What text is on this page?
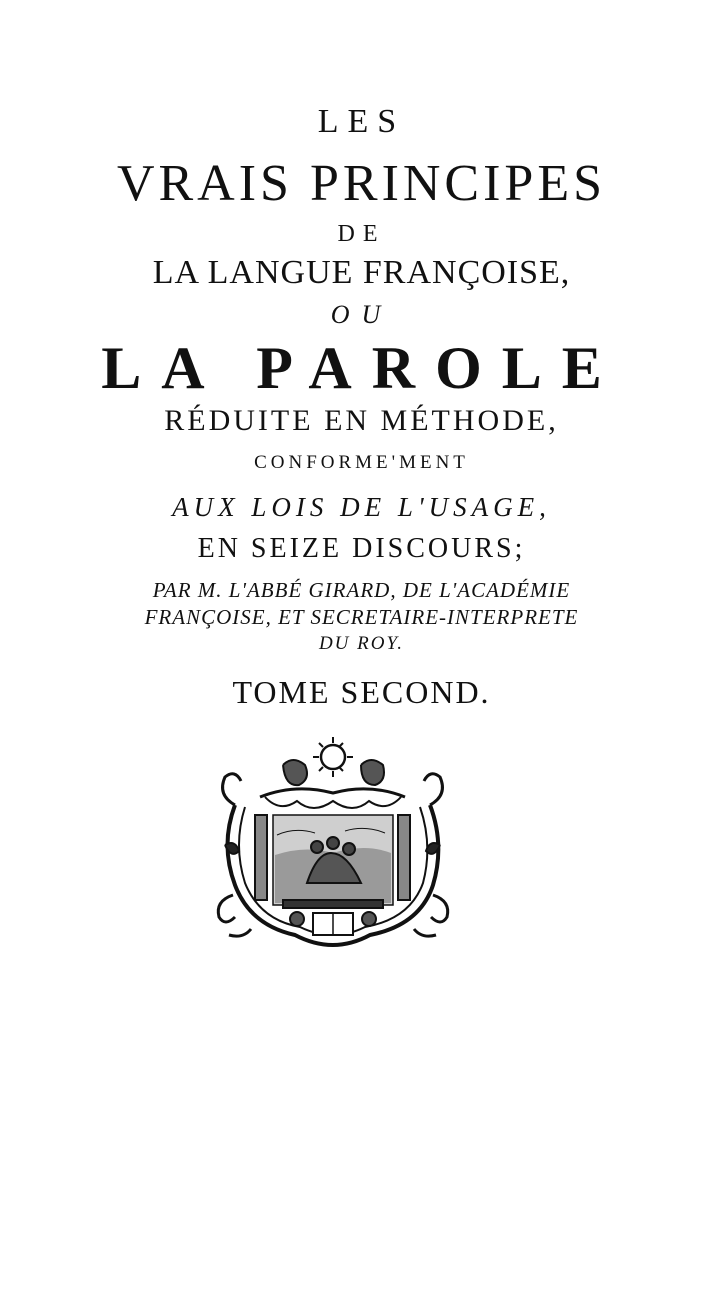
LES
VRAIS PRINCIPES
DE
LA LANGUE FRANÇOISE,
OU
LA PAROLE
RÉDUITE EN MÉTHODE,
CONFORME'MENT
AUX LOIS DE L'USAGE,
EN SEIZE DISCOURS;
PAR M. L'ABBÉ GIRARD, DE L'ACADÉMIE
FRANÇOISE, ET SECRETAIRE-INTERPRETE
DU ROY.
TOME SECOND.
